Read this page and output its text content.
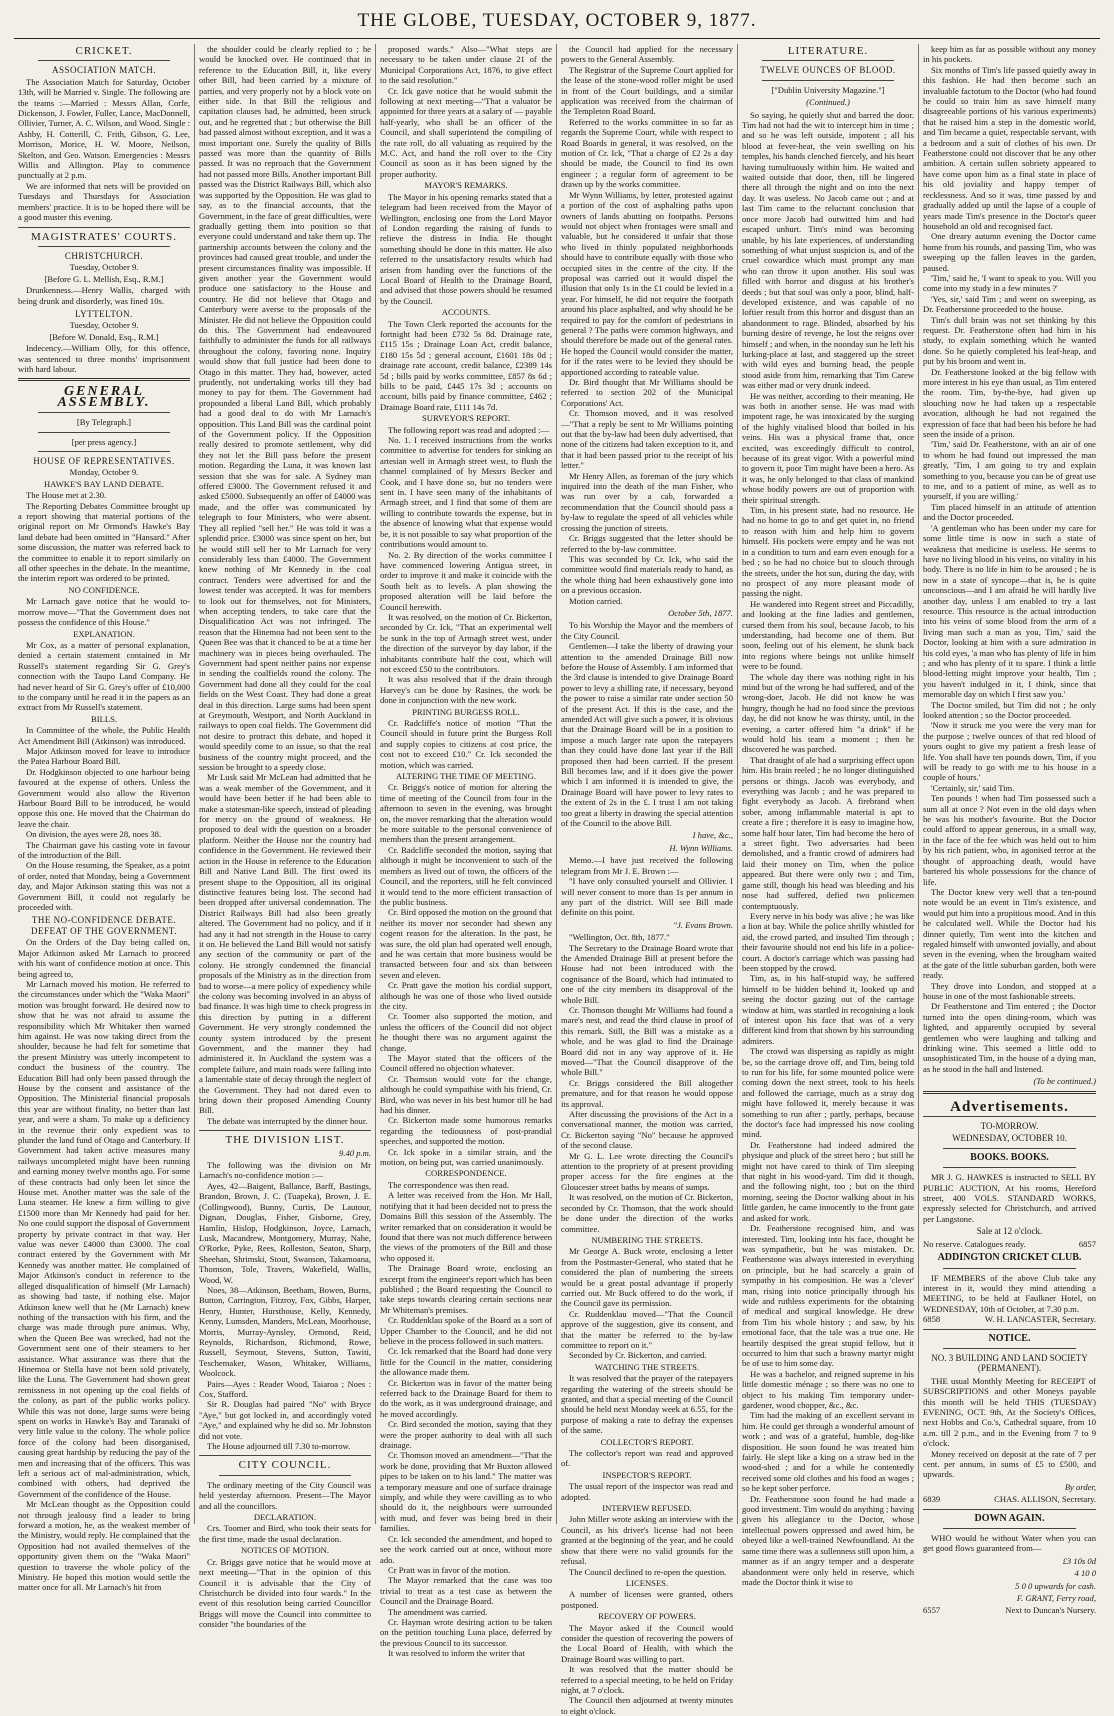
THE GLOBE, TUESDAY, OCTOBER 9, 1877.
CRICKET.
ASSOCIATION MATCH.

The Association Match for Saturday, October 13th, will be Married v. Single. The following are the teams :—Married : Messrs Allan, Corfe, Dickenson, J. Fowler, Fuller, Lance, MacDonnell, Ollivier, Turner, A. C. Wilson, and Wood. Single : Ashby, H. Cotterill, C. Frith, Gibson, G. Lee, Morrison, Morice, H. W. Moore, Neilson, Skelton, and Geo. Watson. Emergencies : Messrs Willis and Allington. Play to commence punctually at 2 p.m.

We are informed that nets will be provided on Tuesdays and Thursdays for Association members' practice. It is to be hoped there will be a good muster this evening.

MAGISTRATES' COURTS.
CHRISTCHURCH.
Tuesday, October 9.
[Before G. L. Mellish, Esq., R.M.]

Drunkenness.—Henry Wallis, charged with being drunk and disorderly, was fined 10s.

LYTTELTON.
Tuesday, October 9.
[Before W. Donald, Esq., R.M.]

Indecency.—William Olly, for this offence, was sentenced to three months' imprisonment with hard labour.

GENERAL ASSEMBLY.
[By Telegraph.]
[per press agency.]
HOUSE OF REPRESENTATIVES.
Monday, October 9.
HAWKE'S BAY LAND DEBATE.

The House met at 2.30.

The Reporting Debates Committee brought up a report showing that material portions of the original report on Mr Ormond's Hawke's Bay land debate had been omitted in "Hansard." After some discussion, the matter was referred back to the committee to enable it to report similarly on all other speeches in the debate. In the meantime, the interim report was ordered to be printed.

NO CONFIDENCE.

Mr Larnach gave notice that he would to-morrow move—"That the Government does not possess the confidence of this House."

EXPLANATION.

Mr Cox, as a matter of personal explanation, denied a certain statement contained in Mr Russell's statement regarding Sir G. Grey's connection with the Taupo Land Company. He had never heard of Sir G. Grey's offer of £10,000 to the company until he read it in the papers as an extract from Mr Russell's statement.

BILLS.

In Committee of the whole, the Public Health Act Amendment Bill (Atkinson) was introduced.

Major Atkinson moved for leave to introduce the Patea Harbour Board Bill.

Dr. Hodgkinson objected to one harbour being favoured at the expense of others. Unless the Government would also allow the Riverton Harbour Board Bill to be introduced, he would oppose this one. He moved that the Chairman do leave the chair.

On division, the ayes were 28, noes 38.

The Chairman gave his casting vote in favour of the introduction of the Bill.

On the House resuming, the Speaker, as a point of order, noted that Monday, being a Government day, and Major Atkinson stating this was not a Government Bill, it could not regularly be proceeded with.

THE NO-CONFIDENCE DEBATE. DEFEAT OF THE GOVERNMENT.

On the Orders of the Day being called on, Major Atkinson asked Mr Larnach to proceed with his want of confidence motion at once. This being agreed to,

Mr Larnach moved his motion. He referred to the circumstances under which the "Waka Maori" motion was brought forward. He desired now to show that he was not afraid to assume the responsibility which Mr Whitaker then warned him against. He was now taking direct from the shoulder, because he had felt for sometime that the present Ministry was utterly incompetent to conduct the business of the country. The Education Bill had only been passed through the House by the consent and assistance of the Opposition. The Ministerial financial proposals this year are without finality, no better than last year, and were a sham. To make up a deficiency in the revenue their only expedient was to plunder the land fund of Otago and Canterbury. If Government had taken active measures many railways uncompleted might have been running and earning money twelve months ago. For some of these contracts had only been let since the House met. Another matter was the sale of the Luna steamer. He knew a firm willing to give £1500 more than Mr Kennedy had paid for her. No one could support the disposal of Government property by private contract in that way. Her value was never £4000 than £3000. The coal contract entered by the Government with Mr Kennedy was another matter. He complained of Major Atkinson's conduct in reference to the alleged disqualification of himself (Mr Larnach) as showing bad taste, if nothing else. Major Atkinson knew well that he (Mr Larnach) knew nothing of the transaction with his firm, and the charge was made through pure animus. Why, when the Queen Bee was wrecked, had not the Government sent one of their steamers to her assistance. What assurance was there that the Hinemoa or Stella have not been sold privately, like the Luna. The Government had shown great remissness in not opening up the coal fields of the colony, as part of the public works policy. While this was not done, large sums were being spent on works in Hawke's Bay and Taranaki of very little value to the colony. The whole police force of the colony had been disorganised, causing great hardship by reducing the pay of the men and increasing that of the officers. This was left a serious act of mal-administration, which, combined with others, had deprived the Government of the confidence of the House.

Mr McLean thought as the Opposition could not through jealousy find a leader to bring forward a motion, he, as the weakest member of the Ministry, would reply. He complained that the Opposition had not availed themselves of the opportunity given them on the "Waka Maori" question to traverse the whole policy of the Ministry. He hoped this motion would settle the matter once for all. Mr Larnach's hit from

the shoulder could be clearly replied to ; he would be knocked over. He continued that in reference to the Education Bill, it, like every other Bill, had been carried by a mixture of parties, and very properly not by a block vote on either side. In that Bill the religious and capitation clauses had, he admitted, been struck out, and he regretted that ; but otherwise the Bill had passed almost without exception, and it was a most important one. Surely the quality of Bills passed was more than the quantity of Bills passed. It was no reproach that the Government had not passed more Bills. Another important Bill passed was the District Railways Bill, which also was supported by the Opposition. He was glad to say, as to the financial accounts, that the Government, in the face of great difficulties, were gradually getting them into position so that everyone could understand and take them up. The partnership accounts between the colony and the provinces had caused great trouble, and under the present circumstances finality was impossible. If given another year the Government would produce one satisfactory to the House and country. He did not believe that Otago and Canterbury were averse to the proposals of the Minister. He did not believe the Opposition could do this. The Government had endeavoured faithfully to administer the funds for all railways throughout the colony, favoring none. Inquiry would show that full justice had been done to Otago in this matter. They had, however, acted prudently, not undertaking works till they had money to pay for them. The Government had propounded a liberal Land Bill, which probably had a good deal to do with Mr Larnach's opposition. This Land Bill was the cardinal point of the Government policy. If the Opposition really desired to promote settlement, why did they not let the Bill pass before the present motion. Regarding the Luna, it was known last session that she was for sale. A Sydney man offered £3000. The Government refused it and asked £5000. Subsequently an offer of £4000 was made, and the offer was communicated by telegraph to four Ministers, who were absent. They all replied "sell her." He was told it was a splendid price. £3000 was since spent on her, but he would still sell her to Mr Larnach for very considerably less than £4000. The Government knew nothing of Mr Kennedy in the coal contract. Tenders were advertised for and the lowest tender was accepted. It was for members to look out for themselves, not for Ministers, when accepting tenders, to take care that the Disqualification Act was not infringed. The reason that the Hinemoa had not been sent to the Queen Bee was that it chanced to be at a time her machinery was in pieces being overhauled. The Government had spent neither pains nor expense in sending the coalfields round the colony. The Government had done all they could for the coal fields on the West Coast. They had done a great deal in this direction. Large sums had been spent at Greymouth, Westport, and North Auckland in railways to open coal fields. The Government did not desire to protract this debate, and hoped it would speedily come to an issue, so that the real business of the country might proceed, and the session be brought to a speedy close.

Mr Lusk said Mr McLean had admitted that he was a weak member of the Government, and it would have been better if he had been able to make a statesman-like speech, instead of pleading for mercy on the ground of weakness. He proposed to deal with the question on a broader platform. Neither the House nor the country had confidence in the Government. He reviewed their action in the House in reference to the Education Bill and Native Land Bill. The first owed its present shape to the Opposition, all its original distinctive features being lost. The second had been dropped after universal condemnation. The District Railways Bill had also been greatly altered. The Government had no policy, and if it had any it had not strength in the House to carry it on. He believed the Land Bill would not satisfy any section of the community or part of the colony. He strongly condemned the financial proposals of the Ministry as in the direction from bad to worse—a mere policy of expediency while the colony was becoming involved in an abyss of bad finance. It was high time to check progress in this direction by putting in a different Government. He very strongly condemned the county system introduced by the present Government, and the manner they had administered it. In Auckland the system was a complete failure, and main roads were falling into a lamentable state of decay through the neglect of the Government. They had not dared even to bring down their proposed Amending County Bill.

The debate was interrupted by the dinner hour.

THE DIVISION LIST.
9.40 p.m.

The following was the division on Mr Larnach's no-confidence motion :—

Ayes, 42—Baigent, Ballance, Barff, Bastings, Brandon, Brown, J. C. (Tuapeka), Brown, J. E. (Collingwood), Bunny, Curtis, De Lautour, Dignan, Douglas, Fisher, Gisborne, Grey, Hamlin, Hislop, Hodgkinson, Joyce, Larnach, Lusk, Macandrew, Montgomery, Murray, Nahe, O'Rorke, Pyke, Rees, Rolleston, Seaton, Sharp, Sheehan, Shrimski, Stout, Swanson, Takamoana, Thomson, Tole, Travers, Wakefield, Wallis, Wood, W.

Noes, 38—Atkinson, Beetham, Bowen, Burns, Button, Carrington, Fitzroy, Fox, Gibbs, Harper, Henry, Hunter, Hursthouse, Kelly, Kennedy, Kenny, Lumsden, Manders, McLean, Moorhouse, Morris, Murray-Aynsley, Ormond, Reid, Reynolds, Richardson, Richmond, Rowe, Russell, Seymour, Stevens, Sutton, Tawiti, Teschemaker, Wason, Whitaker, Williams, Woolcock.

Pairs—Ayes : Reader Wood, Taiaroa ; Noes : Cox, Stafford.

Sir R. Douglas had paired "No" with Bryce "Aye," but got locked in, and accordingly voted "Aye," and explained why he did so. Mr Johnston did not vote.

The House adjourned till 7.30 to-morrow.

CITY COUNCIL.

The ordinary meeting of the City Council was held yesterday afternoon. Present—The Mayor and all the councillors.

DECLARATION.

Crs. Toomer and Bird, who took their seats for the first time, made the usual declaration.

NOTICES OF MOTION.

Cr. Briggs gave notice that he would move at next meeting—"That in the opinion of this Council it is advisable that the City of Christchurch be divided into four wards." In the event of this resolution being carried Councillor Briggs will move the Council into committee to consider "the boundaries of the

proposed wards." Also—"What steps are necessary to be taken under clause 21 of the Municipal Corporations Act, 1876, to give effect to the said resolution."

Cr. Ick gave notice that he would submit the following at next meeting—"That a valuator be appointed for three years at a salary of — payable half-yearly, who shall be an officer of the Council, and shall superintend the compiling of the rate roll, do all valuating as required by the M.C. Act, and hand the roll over to the City Council as soon as it has been signed by the proper authority.

MAYOR'S REMARKS.

The Mayor in his opening remarks stated that a telegram had been received from the Mayor of Wellington, enclosing one from the Lord Mayor of London regarding the raising of funds to relieve the distress in India. He thought something should be done in this matter. He also referred to the unsatisfactory results which had arisen from handing over the functions of the Local Board of Health to the Drainage Board, and advised that those powers should be resumed by the Council.

ACCOUNTS.

The Town Clerk reported the accounts for the fortnight had been £732 5s 8d. Drainage rate, £115 15s ; Drainage Loan Act, credit balance, £180 15s 5d ; general account, £1601 18s 0d ; drainage rate account, credit balance, £2389 14s 5d ; bills paid by works committee, £857 8s 6d ; bills to be paid, £445 17s 3d ; accounts on account, bills paid by finance committee, £462 ; Drainage Board rate, £111 14s 7d.

SURVEYOR'S REPORT.

The following report was read and adopted :—

No. 1. I received instructions from the works committee to advertise for tenders for sinking an artesian well in Armagh street west, to flush the channel complained of by Messrs Becker and Cook, and I have done so, but no tenders were sent in. I have seen many of the inhabitants of Armagh street, and I find that some of them are willing to contribute towards the expense, but in the absence of knowing what that expense would be, it is not possible to say what proportion of the contributions would amount to.

No. 2. By direction of the works committee I have commenced lowering Antigua street, in order to improve it and make it coincide with the South belt as to levels. A plan showing the proposed alteration will be laid before the Council herewith.

It was resolved, on the motion of Cr. Bickerton, seconded by Cr. Ick, "That an experimental well be sunk in the top of Armagh street west, under the direction of the surveyor by day labor, if the inhabitants contribute half the cost, which will not exceed £50 to the contributors.

It was also resolved that if the drain through Harvey's can be done by Rasines, the work be done in conjunction with the new work.

PRINTING BURGESS ROLL.

Cr. Radcliffe's notice of motion "That the Council should in future print the Burgess Roll and supply copies to citizens at cost price, the cost not to exceed £10." Cr. Ick seconded the motion, which was carried.

ALTERING THE TIME OF MEETING.

Cr. Briggs's notice of motion for altering the time of meeting of the Council from four in the afternoon to seven in the evening, was brought on, the mover remarking that the alteration would be more suitable to the personal convenience of members than the present arrangement.

Cr. Radcliffe seconded the motion, saying that although it might be inconvenient to such of the members as lived out of town, the officers of the Council, and the reporters, still he felt convinced it would tend to the more efficient transaction of the public business.

Cr. Bird opposed the motion on the ground that neither its mover nor seconder had shewn any cogent reason for the alteration. In the past, he was sure, the old plan had operated well enough, and he was certain that more business would be transacted between four and six than between seven and eleven.

Cr. Pratt gave the motion his cordial support, although he was one of those who lived outside the city.

Cr. Toomer also supported the motion, and unless the officers of the Council did not object he thought there was no argument against the change.

The Mayor stated that the officers of the Council offered no objection whatever.

Cr. Thomson would vote for the change, although he could sympathise with his friend, Cr. Bird, who was never in his best humor till he had had his dinner.

Cr. Bickerton made some humorous remarks regarding the tediousness of post-prandial speeches, and supported the motion.

Cr. Ick spoke in a similar strain, and the motion, on being put, was carried unanimously.

CORRESPONDENCE.

The correspondence was then read.

A letter was received from the Hon. Mr Hall, notifying that it had been decided not to press the Domains Bill this session of the Assembly. The writer remarked that on consideration it would be found that there was not much difference between the views of the promoters of the Bill and those who opposed it.

The Drainage Board wrote, enclosing an excerpt from the engineer's report which has been published ; the Board requesting the Council to take steps towards clearing certain sections near Mr Whiteman's premises.

Cr. Ruddenklau spoke of the Board as a sort of Upper Chamber to the Council, and he did not believe in the process followed in such matters.

Cr. Ick remarked that the Board had done very little for the Council in the matter, considering the allowance made them.

Cr. Bickerton was in favor of the matter being referred back to the Drainage Board for them to do the work, as it was underground drainage, and he moved accordingly.

Cr. Bird seconded the motion, saying that they were the proper authority to deal with all such drainage.

Cr. Thomson moved an amendment—"That the work be done, providing that Mr Buxton allowed pipes to be taken on to his land." The matter was a temporary measure and one of surface drainage simply, and while they were cavilling as to who should do it, the neighbours were surrounded with mud, and fever was being bred in their families.

Cr. Ick seconded the amendment, and hoped to see the work carried out at once, without more ado.

Cr Pratt was in favor of the motion.

The Mayor remarked that the case was too trivial to treat as a test case as between the Council and the Drainage Board.

The amendment was carried.

Cr. Hayman wrote desiring action to be taken on the petition touching Luna place, deferred by the previous Council to its successor.

It was resolved to inform the writer that

the Council had applied for the necessary powers to the General Assembly.

The Registrar of the Supreme Court applied for the lease of the stone-wood roller might be used in front of the Court buildings, and a similar application was received from the chairman of the Templeton Road Board.

Referred to the works committee in so far as regards the Supreme Court, while with respect to Road Boards in general, it was resolved, on the motion of Cr. Ick, "That a charge of £2 2s a day should be made, the Council to find its own engineer ; a regular form of agreement to be drawn up by the works committee.

Mr Wynn Williams, by letter, protested against a portion of the cost of asphalting paths upon owners of lands abutting on footpaths. Persons would not object when frontages were small and valuable, but he considered it unfair that those who lived in thinly populated neighborhoods should have to contribute equally with those who occupied sites in the centre of the city. If the proposal was carried out it would dispel the illusion that only 1s in the £1 could be levied in a year. For himself, he did not require the footpath around his place asphalted, and why should he be required to pay for the comfort of pedestrians in general ? The paths were common highways, and should therefore be made out of the general rates. He hoped the Council would consider the matter, for if the rates were to be levied they should be apportioned according to rateable value.

Dr. Bird thought that Mr Williams should be referred to section 202 of the Municipal Corporations' Act.

Cr. Thomson moved, and it was resolved—"That a reply be sent to Mr Williams pointing out that the by-law had been duly advertised, that none of the citizens had taken exception to it, and that it had been passed prior to the receipt of his letter."

Mr Henry Allen, as foreman of the jury which inquired into the death of the man Fisher, who was run over by a cab, forwarded a recommendation that the Council should pass a by-law to regulate the speed of all vehicles while crossing the junction of streets.

Cr. Briggs suggested that the letter should be referred to the by-law committee.

This was seconded by Cr. Ick, who said the committee would find materials ready to hand, as the whole thing had been exhaustively gone into on a previous occasion.

Motion carried.

October 5th, 1877.

To his Worship the Mayor and the members of the City Council.

Gentlemen—I take the liberty of drawing your attention to the amended Drainage Bill now before the House of Assembly. I am informed that the 3rd clause is intended to give Drainage Board power to levy a shilling rate, if necessary, beyond the power to raise a similar rate under section 50 of the present Act. If this is the case, and the amended Act will give such a power, it is obvious that the Drainage Board will be in a position to impose a much larger rate upon the ratepayers than they could have done last year if the Bill proposed then had been carried. If the present Bill becomes law, and if it does give the power which I am informed it is intended to give, the Drainage Board will have power to levy rates to the extent of 2s in the £. I trust I am not taking too great a liberty in drawing the special attention of the Council to the above Bill.

I have, &c.,
H. Wynn Williams.

Memo.—I have just received the following telegram from Mr J. E. Brown :—

"I have only consulted yourself and Ollivier. I will never consent to more than 1s per annum in any part of the district. Will see Bill made definite on this point.

"J. Evans Brown.

"Wellington, Oct. 8th, 1877."

The Secretary to the Drainage Board wrote that the Amended Drainage Bill at present before the House had not been introduced with the cognisance of the Board, which had intimated to one of the city members its disapproval of the whole Bill.

Cr. Thomson thought Mr Williams had found a mare's nest, and read the third clause in proof of this remark. Still, the Bill was a mistake as a whole, and he was glad to find the Drainage Board did not in any way approve of it. He moved—"That the Council disapprove of the whole Bill."

Cr. Briggs considered the Bill altogether premature, and for that reason he would oppose its approval.

After discussing the provisions of the Act in a conversational manner, the motion was carried, Cr. Bickerton saying "No" because he approved of the second clause.

Mr G. L. Lee wrote directing the Council's attention to the propriety of at present providing proper access for the fire engines at the Gloucester street baths by means of sumps.

It was resolved, on the motion of Cr. Bickerton, seconded by Cr. Thomson, that the work should be done under the direction of the works committee.

NUMBERING THE STREETS.

Mr George A. Buck wrote, enclosing a letter from the Postmaster-General, who stated that he considered the plan of numbering the streets would be a great postal advantage if properly carried out. Mr Buck offered to do the work, if the Council gave its permission.

Cr. Ruddenklau moved—"That the Council approve of the suggestion, give its consent, and that the matter be referred to the by-law committee to report on it."

Seconded by Cr. Bickerton, and carried.

WATCHING THE STREETS.

It was resolved that the prayer of the ratepayers regarding the watering of the streets should be granted, and that a special meeting of the Council should be held next Monday week at 6.55, for the purpose of making a rate to defray the expenses of the same.

COLLECTOR'S REPORT.

The collector's report was read and approved of.

INSPECTOR'S REPORT.

The usual report of the inspector was read and adopted.

INTERVIEW REFUSED.

John Miller wrote asking an interview with the Council, as his driver's license had not been granted at the beginning of the year, and he could show that there were no valid grounds for the refusal.

The Council declined to re-open the question.

LICENSES.

A number of licenses were granted, others postponed.

RECOVERY OF POWERS.

The Mayor asked if the Council would consider the question of recovering the powers of the Local Board of Health, with which the Drainage Board was willing to part.

It was resolved that the matter should be referred to a special meeting, to be held on Friday night, at 7 o'clock.

The Council then adjourned at twenty minutes to eight o'clock.

LITERATURE.
TWELVE OUNCES OF BLOOD.
["Dublin University Magazine."]
(Continued.)

So saying, he quietly shut and barred the door. Tim had not had the wit to intercept him in time ; and so he was left outside, impotent ; all his blood at fever-heat, the vein swelling on his temples, his hands clenched fiercely, and his heart having tumultuously within him. He waited and waited outside that door, then, till he lingered there all through the night and on into the next day. It was useless. No Jacob came out ; and at last Tim came to the reluctant conclusion that once more Jacob had outwitted him and had escaped unhurt. Tim's mind was becoming unable, by his late experiences, of understanding something of what unjust suspicion is, and of the cruel cowardice which must prompt any man who can throw it upon another. His soul was filled with horror and disgust at his brother's deeds ; but that soul was only a poor, blind, half-developed existence, and was capable of no loftier result from this horror and disgust than an abandonment to rage. Blinded, absorbed by his burning desire of revenge, he lost the reigns over himself ; and when, in the noonday sun he left his lurking-place at last, and staggered up the street with wild eyes and burning head, the people stood aside from him, remarking that Tim Carew was either mad or very drunk indeed.

He was neither, according to their meaning. He was both in another sense. He was mad with impotent rage, he was intoxicated by the surging of the highly vitalised blood that boiled in his veins. His was a physical frame that, once excited, was exceedingly difficult to control, because of its great vigor. With a powerful mind to govern it, poor Tim might have been a hero. As it was, he only belonged to that class of mankind whose bodily powers are out of proportion with their spiritual strength.

Tim, in his present state, had no resource. He had no home to go to and get quiet in, no friend to reason with him and help him to govern himself. His pockets were empty and he was not in a condition to turn and earn even enough for a bed ; so he had no choice but to slouch through the streets, under the hot sun, during the day, with no prospect of any more pleasant mode of passing the night.

He wandered into Regent street and Piccadilly, and looking at the fine ladies and gentlemen, cursed them from his soul, because Jacob, to his understanding, had become one of them. But soon, feeling out of his element, he slunk back into regions where beings not unlike himself were to be found.

The whole day there was nothing right in his mind but of the wrong he had suffered, and of the wrong-doer, Jacob. He did not know he was hungry, though he had no food since the previous day, he did not know he was thirsty, until, in the evening, a carter offered him "a drink" if he would hold his team a moment ; then he discovered he was parched.

That draught of ale had a surprising effect upon him. His brain reeled ; he no longer distinguished persons or things. Jacob was everybody, and everything was Jacob ; and he was prepared to fight everybody as Jacob. A firebrand when sober, among inflammable material is apt to create a fire ; therefore it is easy to imagine how, some half hour later, Tim had become the hero of a street fight. Two adversaries had been demolished, and a frantic crowd of admirers had laid their money on Tim, when the police appeared. But there were only two ; and Tim, game still, though his head was bleeding and his nose had suffered, defied two policemen contemptuously.

Every nerve in his body was alive ; he was like a lion at bay. While the police shrilly whistled for aid, the crowd parted, and insulted Tim through ; their favourite should not end his life in a police-court. A doctor's carriage which was passing had been stopped by the crowd.

Tim, as, in his half-stupid way, he suffered himself to be hidden behind it, looked up and seeing the doctor gazing out of the carriage window at him, was startled in recognising a look of interest upon his face that was of a very different kind from that shown by his surrounding admirers.

The crowd was dispersing as rapidly as might be, so the carriage drove off, and Tim, being told to run for his life, for some mounted police were coming down the next street, took to his heels and followed the carriage, much as a stray dog might have followed it, merely because it was something to run after ; partly, perhaps, because the doctor's face had impressed his now cooling mind.

Dr. Featherstone had indeed admired the physique and pluck of the street hero ; but still he might not have cared to think of Tim sleeping that night in his wood-yard. Tim did it though, and the following night, too ; but on the third morning, seeing the Doctor walking about in his little garden, he came innocently to the front gate and asked for work.

Dr. Featherstone recognised him, and was interested. Tim, looking into his face, thought he was sympathetic, but he was mistaken. Dr. Featherstone was always interested in everything on principle, but he had scarcely a grain of sympathy in his composition. He was a 'clever' man, rising into notice principally through his wide and ruthless experiments for the obtaining of medical and surgical knowledge. He drew from Tim his whole history ; and saw, by his emotional face, that the tale was a true one. He heartily despised the great stupid fellow, but it occurred to him that such a brawny martyr might be of use to him some day.

He was a bachelor, and reigned supreme in his little domestic ménage ; so there was no one to object to his making Tim temporary under-gardener, wood chopper, &c., &c.

Tim had the making of an excellent servant in him. He could get through a wonderful amount of work ; and was of a grateful, humble, dog-like disposition. He soon found he was treated him fairly. He slept like a king on a straw bed in the wood-shed ; and for a while he contentedly received some old clothes and his food as wages ; so he kept sober perforce.

Dr. Featherstone soon found he had made a good investment. Tim would do anything ; having given his allegiance to the Doctor, whose intellectual powers oppressed and awed him, he obeyed like a well-trained Newfoundland. At the same time there was a sullenness still upon him, a manner as if an angry temper and a desperate abandonment were only held in reserve, which made the Doctor think it wise to

keep him as far as possible without any money in his pockets.

Six months of Tim's life passed quietly away in this fashion. He had then become such an invaluable factotum to the Doctor (who had found he could so train him as save himself many disagreeable portions of his various experiments) that he raised him a step in the domestic world, and Tim became a quiet, respectable servant, with a bedroom and a suit of clothes of his own. Dr Featherstone could not discover that he any other ambition. A certain sullen sobriety appeared to have come upon him as a final state in place of his old joviality and happy temper of recklessness. And so it was, time passed by and gradually added up until the lapse of a couple of years made Tim's presence in the Doctor's queer household an old and recognised fact.

One dreary autumn evening the Doctor came home from his rounds, and passing Tim, who was sweeping up the fallen leaves in the garden, paused.

'Tim,' said he, 'I want to speak to you. Will you come into my study in a few minutes ?'

'Yes, sir,' said Tim ; and went on sweeping, as Dr. Featherstone proceeded to the house.

Tim's dull brain was not set thinking by this request. Dr. Featherstone often had him in his study, to explain something which he wanted done. So he quietly completed his leaf-heap, and put by his broom and went in.

Dr. Featherstone looked at the big fellow with more interest in his eye than usual, as Tim entered the room. Tim, by-the-bye, had given up slouching now he had taken up a respectable avocation, although he had not regained the expression of face that had been his before he had seen the inside of a prison.

'Tim,' said Dr. Featherstone, with an air of one to whom he had found out impressed the man greatly, 'Tim, I am going to try and explain something to you, because you can be of great use to me, and to a patient of mine, as well as to yourself, if you are willing.'

Tim placed himself in an attitude of attention and the Doctor proceeded.

'A gentleman who has been under my care for some little time is now in such a state of weakness that medicine is useless. He seems to have no living blood in his veins, no vitality in his body. There is no life in him to be aroused ; he is now in a state of syncope—that is, he is quite unconscious—and I am afraid he will hardly live another day, unless I am enabled to try a last resource. This resource is the actual introduction into his veins of some blood from the arm of a living man such a man as you, Tim,' said the Doctor, looking at him with a sure admiration in his cold eyes, 'a man who has plenty of life in him ; and who has plenty of it to spare. I think a little blood-letting might improve your health, Tim ; you haven't indulged in it, I think, since that memorable day on which I first saw you.'

The Doctor smiled, but Tim did not ; he only looked attention ; so the Doctor proceeded.

'Now it struck me you were the very man for the purpose ; twelve ounces of that red blood of yours ought to give my patient a fresh lease of life. You shall have ten pounds down, Tim, if you will be ready to go with me to his house in a couple of hours.'

'Certainly, sir,' said Tim.

Ten pounds ! when had Tim possessed such a sum all at once ? Not even in the old days when he was his mother's favourite. But the Doctor could afford to appear generous, in a small way, in the face of the fee which was held out to him by his rich patient, who, in agonised terror at the thought of approaching death, would have bartered his whole possessions for the chance of life.

The Doctor knew very well that a ten-pound note would be an event in Tim's existence, and would put him into a propitious mood. And in this he calculated well. While the Doctor had his dinner quietly, Tim went into the kitchen and regaled himself with unwonted jovially, and about seven in the evening, when the brougham waited at the gate of the little suburban garden, both were ready.

They drove into London, and stopped at a house in one of the most fashionable streets.

Dr Featherstone and Tim entered ; the Doctor turned into the open dining-room, which was lighted, and apparently occupied by several gentlemen who were laughing and talking and drinking wine. This seemed a little odd to unsophisticated Tim, in the house of a dying man, as he stood in the hall and listened.

(To be continued.)
Advertisements.
TO-MORROW.
WEDNESDAY, OCTOBER 10.
BOOKS. BOOKS.

MR J. G. HAWKES is instructed to SELL BY PUBLIC AUCTION, At his rooms, Hereford street, 400 VOLS. STANDARD WORKS, expressly selected for Christchurch, and arrived per Langstone.

Sale at 12 o'clock.
No reserve. Catalogues ready.	6857
ADDINGTON CRICKET CLUB.

IF MEMBERS of the above Club take any interest in it, would they mind attending a MEETING, to be held at Faulkner Hotel, on WEDNESDAY, 10th of October, at 7.30 p.m.

6858	W. H. LANCASTER, Secretary.
NOTICE.
NO. 3 BUILDING AND LAND SOCIETY (PERMANENT).

THE usual Monthly Meeting for RECEIPT of SUBSCRIPTIONS and other Moneys payable this month will be held THIS (TUESDAY) EVENING, OCT. 9th, At the Society's Offices, next Hobbs and Co.'s, Cathedral square, from 10 a.m. till 2 p.m., and in the Evening from 7 to 9 o'clock.

Money received on deposit at the rate of 7 per cent. per annum, in sums of £5 to £500, and upwards.

By order,
6839	CHAS. ALLISON, Secretary.
DOWN AGAIN.

WHO would be without Water when you can get good flows guaranteed from—

£3 10s 0d
4 10 0
5 0 0 upwards for cash.
F. GRANT, Ferry road,
6557	Next to Duncan's Nursery.
